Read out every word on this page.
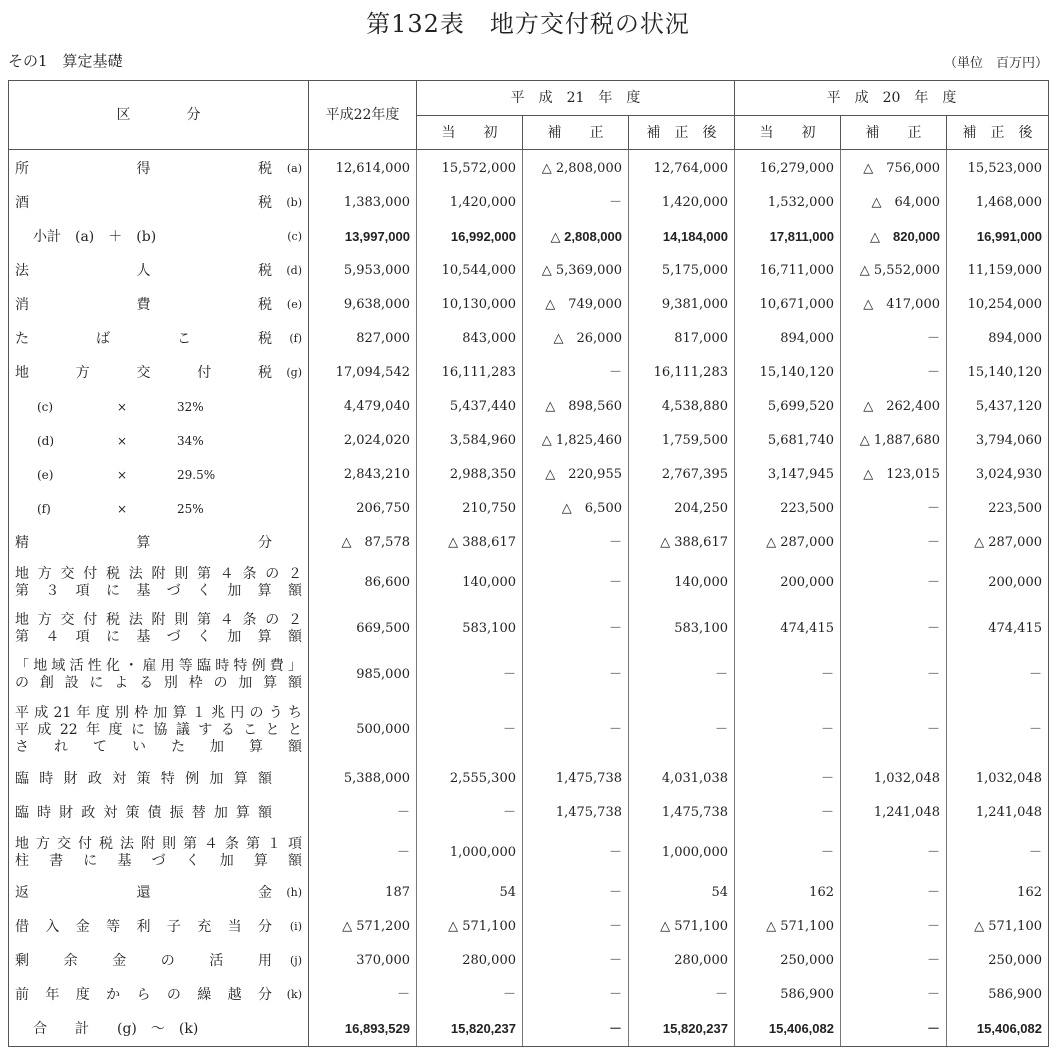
第132表　地方交付税の状況
その1　算定基礎	（単位　百万円）
区　　　　分	平成22年度	平　成　21　年　度			平　成　20　年　度		
		当　　初	補　　正	補　正　後	当　　初	補　　正	補　正　後

所得税 (a)	12,614,000	15,572,000	△ 2,808,000	12,764,000	16,279,000	△　756,000	15,523,000

酒税 (b)	1,383,000	1,420,000	－	1,420,000	1,532,000	△　64,000	1,468,000

小計　(a)　＋　(b) (c)	13,997,000	16,992,000	△ 2,808,000	14,184,000	17,811,000	△　820,000	16,991,000

法人税 (d)	5,953,000	10,544,000	△ 5,369,000	5,175,000	16,711,000	△ 5,552,000	11,159,000

消費税 (e)	9,638,000	10,130,000	△　749,000	9,381,000	10,671,000	△　417,000	10,254,000

たばこ税 (f)	827,000	843,000	△　26,000	817,000	894,000	－	894,000

地方交付税 (g)	17,094,542	16,111,283	－	16,111,283	15,140,120	－	15,140,120

(c) × 32%	4,479,040	5,437,440	△　898,560	4,538,880	5,699,520	△　262,400	5,437,120

(d) × 34%	2,024,020	3,584,960	△ 1,825,460	1,759,500	5,681,740	△ 1,887,680	3,794,060

(e) × 29.5%	2,843,210	2,988,350	△　220,955	2,767,395	3,147,945	△　123,015	3,024,930

(f) × 25%	206,750	210,750	△　6,500	204,250	223,500	－	223,500

精算分	△　87,578	△ 388,617	－	△ 388,617	△ 287,000	－	△ 287,000

地方交付税法附則第４条の２
第３項に基づく加算額	86,600	140,000	－	140,000	200,000	－	200,000

地方交付税法附則第４条の２
第４項に基づく加算額	669,500	583,100	－	583,100	474,415	－	474,415

「地域活性化・雇用等臨時特例費」
の創設による別枠の加算額	985,000	－	－	－	－	－	－

平成21年度別枠加算１兆円のうち
平成22年度に協議することと
されていた加算額	500,000	－	－	－	－	－	－

臨時財政対策特例加算額	5,388,000	2,555,300	1,475,738	4,031,038	－	1,032,048	1,032,048

臨時財政対策債振替加算額	－	－	1,475,738	1,475,738	－	1,241,048	1,241,048

地方交付税法附則第４条第１項
柱書に基づく加算額	－	1,000,000	－	1,000,000	－	－	－

返還金 (h)	187	54	－	54	162	－	162

借入金等利子充当分 (i)	△ 571,200	△ 571,100	－	△ 571,100	△ 571,100	－	△ 571,100

剰余金の活用 (j)	370,000	280,000	－	280,000	250,000	－	250,000

前年度からの繰越分 (k)	－	－	－	－	586,900	－	586,900

合　　計　　(g)　～　(k)	16,893,529	15,820,237	－	15,820,237	15,406,082	－	15,406,082
